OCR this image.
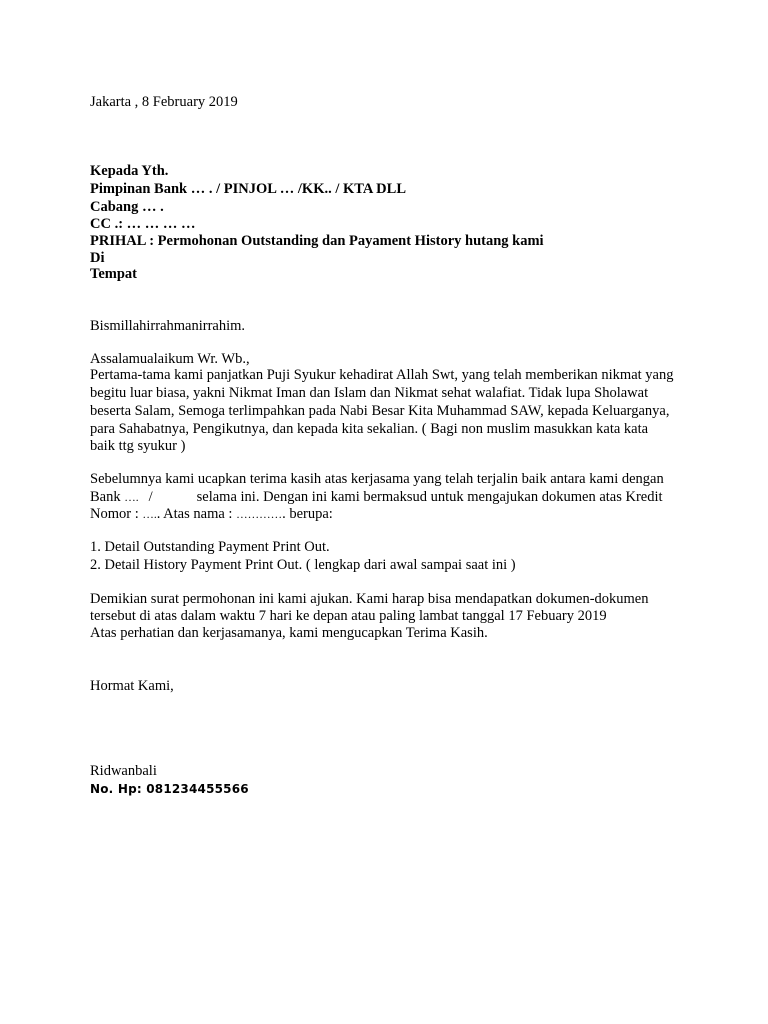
Jakarta , 8 February 2019

Kepada Yth.

Pimpinan Bank … . / PINJOL … /KK.. / KTA DLL

Cabang … .

CC .: … … … …

PRIHAL : Permohonan Outstanding dan Payament History hutang kami

Di

Tempat

Bismillahirrahmanirrahim.

Assalamualaikum Wr. Wb.,

Pertama-tama kami panjatkan Puji Syukur kehadirat Allah Swt, yang telah memberikan nikmat yang

begitu luar biasa, yakni Nikmat Iman dan Islam dan Nikmat sehat walafiat. Tidak lupa Sholawat

beserta Salam, Semoga terlimpahkan pada Nabi Besar Kita Muhammad SAW, kepada Keluarganya,

para Sahabatnya, Pengikutnya, dan kepada kita sekalian. ( Bagi non muslim masukkan kata kata

baik ttg syukur )

Sebelumnya kami ucapkan terima kasih atas kerjasama yang telah terjalin baik antara kami dengan

Bank …. /	selama ini. Dengan ini kami bermaksud untuk mengajukan dokumen atas Kredit

Nomor : ….. Atas nama : …………. berupa:

1. Detail Outstanding Payment Print Out.

2. Detail History Payment Print Out. ( lengkap dari awal sampai saat ini )

Demikian surat permohonan ini kami ajukan. Kami harap bisa mendapatkan dokumen-dokumen

tersebut di atas dalam waktu 7 hari ke depan atau paling lambat tanggal 17 Febuary 2019

Atas perhatian dan kerjasamanya, kami mengucapkan Terima Kasih.

Hormat Kami,

Ridwanbali

No. Hp: 081234455566
